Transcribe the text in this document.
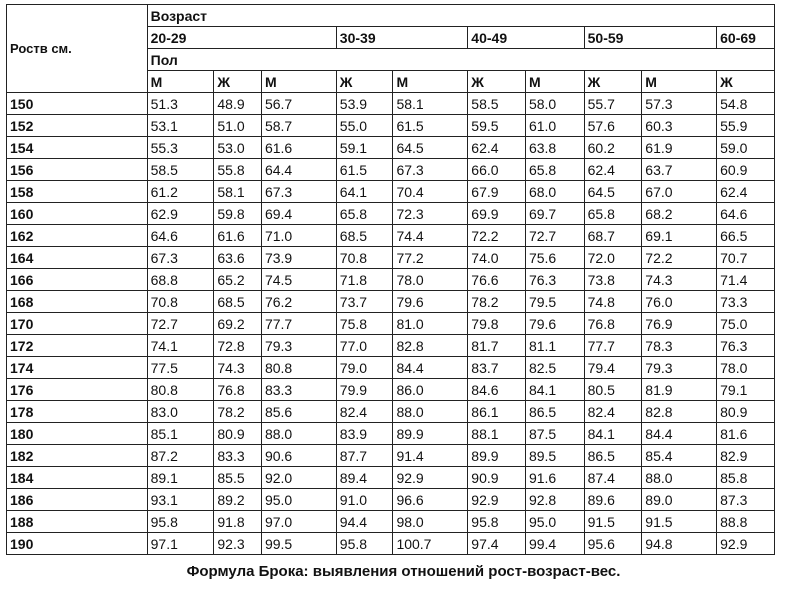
Роств см.	Возраст									
	20-29			30-39		40-49		50-59		60-69
	Пол									
	М	Ж	М	Ж	М	Ж	М	Ж	М	Ж
150	51.3	48.9	56.7	53.9	58.1	58.5	58.0	55.7	57.3	54.8
152	53.1	51.0	58.7	55.0	61.5	59.5	61.0	57.6	60.3	55.9
154	55.3	53.0	61.6	59.1	64.5	62.4	63.8	60.2	61.9	59.0
156	58.5	55.8	64.4	61.5	67.3	66.0	65.8	62.4	63.7	60.9
158	61.2	58.1	67.3	64.1	70.4	67.9	68.0	64.5	67.0	62.4
160	62.9	59.8	69.4	65.8	72.3	69.9	69.7	65.8	68.2	64.6
162	64.6	61.6	71.0	68.5	74.4	72.2	72.7	68.7	69.1	66.5
164	67.3	63.6	73.9	70.8	77.2	74.0	75.6	72.0	72.2	70.7
166	68.8	65.2	74.5	71.8	78.0	76.6	76.3	73.8	74.3	71.4
168	70.8	68.5	76.2	73.7	79.6	78.2	79.5	74.8	76.0	73.3
170	72.7	69.2	77.7	75.8	81.0	79.8	79.6	76.8	76.9	75.0
172	74.1	72.8	79.3	77.0	82.8	81.7	81.1	77.7	78.3	76.3
174	77.5	74.3	80.8	79.0	84.4	83.7	82.5	79.4	79.3	78.0
176	80.8	76.8	83.3	79.9	86.0	84.6	84.1	80.5	81.9	79.1
178	83.0	78.2	85.6	82.4	88.0	86.1	86.5	82.4	82.8	80.9
180	85.1	80.9	88.0	83.9	89.9	88.1	87.5	84.1	84.4	81.6
182	87.2	83.3	90.6	87.7	91.4	89.9	89.5	86.5	85.4	82.9
184	89.1	85.5	92.0	89.4	92.9	90.9	91.6	87.4	88.0	85.8
186	93.1	89.2	95.0	91.0	96.6	92.9	92.8	89.6	89.0	87.3
188	95.8	91.8	97.0	94.4	98.0	95.8	95.0	91.5	91.5	88.8
190	97.1	92.3	99.5	95.8	100.7	97.4	99.4	95.6	94.8	92.9
Формула Брока: выявления отношений рост-возраст-вес.
